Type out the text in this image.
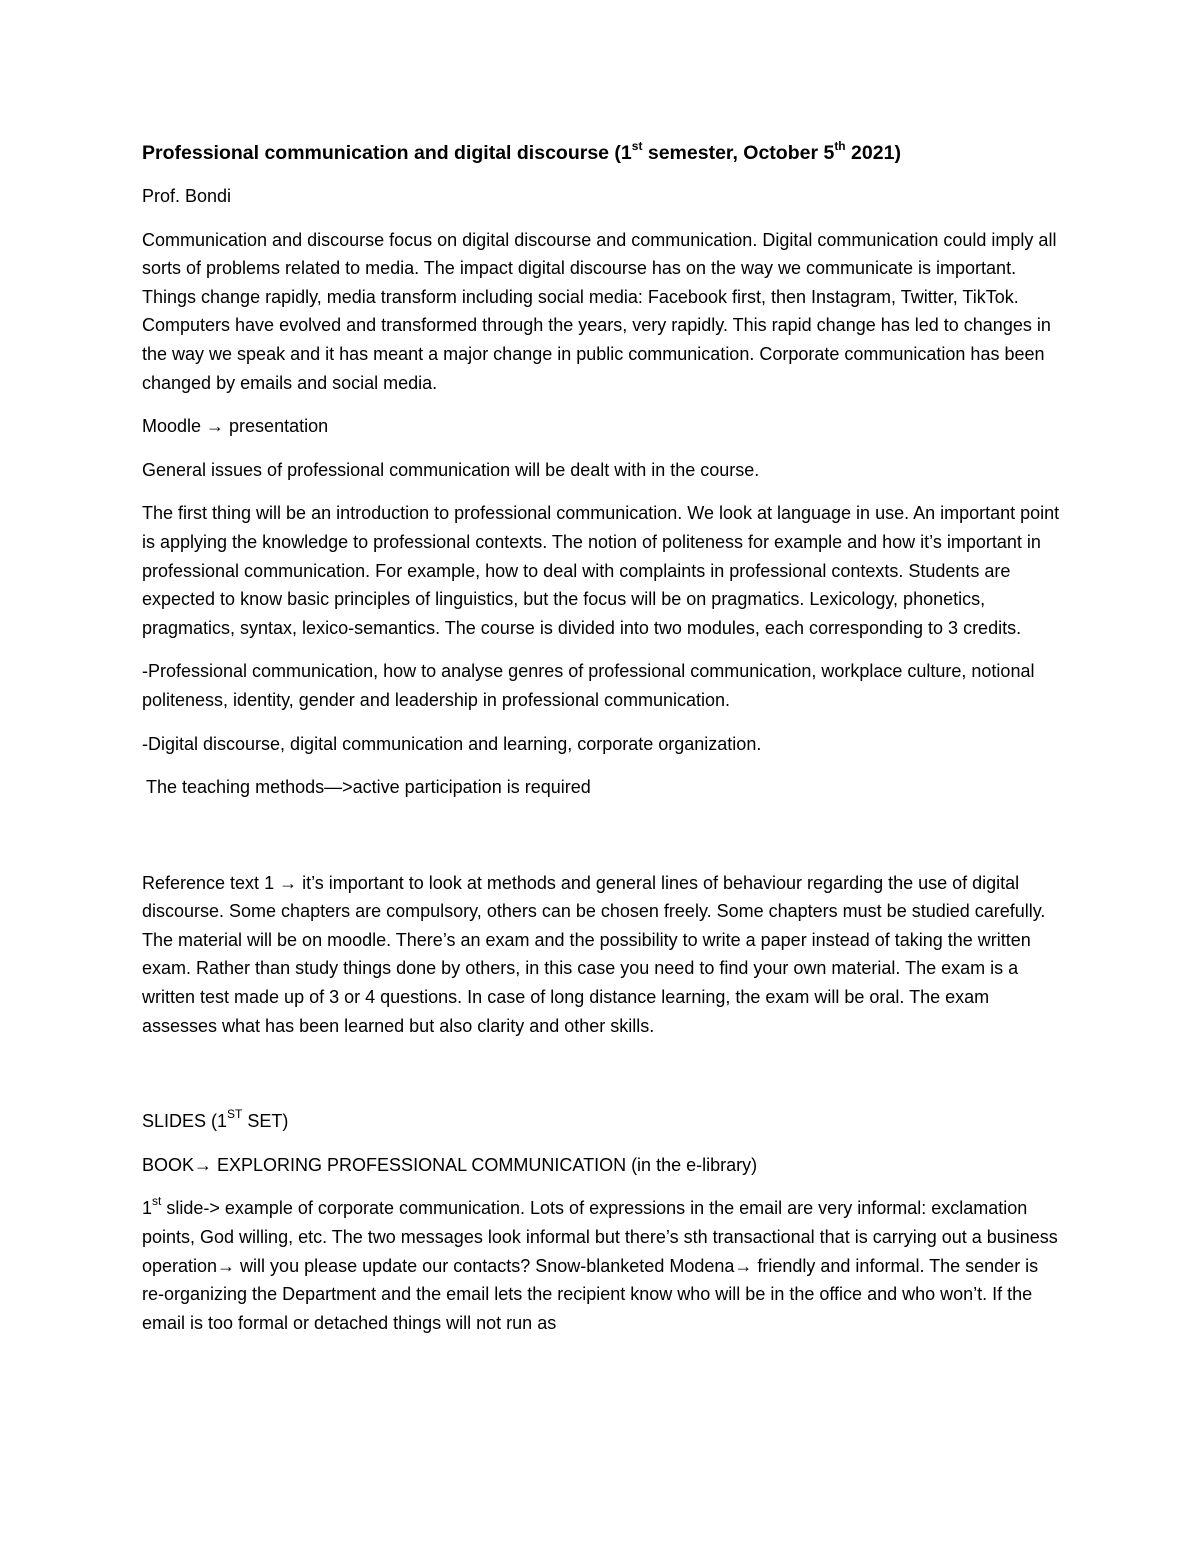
Professional communication and digital discourse (1st semester, October 5th 2021)
Prof. Bondi
Communication and discourse focus on digital discourse and communication. Digital communication could imply all sorts of problems related to media. The impact digital discourse has on the way we communicate is important. Things change rapidly, media transform including social media: Facebook first, then Instagram, Twitter, TikTok. Computers have evolved and transformed through the years, very rapidly. This rapid change has led to changes in the way we speak and it has meant a major change in public communication. Corporate communication has been changed by emails and social media.
Moodle → presentation
General issues of professional communication will be dealt with in the course.
The first thing will be an introduction to professional communication. We look at language in use. An important point is applying the knowledge to professional contexts. The notion of politeness for example and how it’s important in professional communication. For example, how to deal with complaints in professional contexts. Students are expected to know basic principles of linguistics, but the focus will be on pragmatics. Lexicology, phonetics, pragmatics, syntax, lexico-semantics. The course is divided into two modules, each corresponding to 3 credits.
-Professional communication, how to analyse genres of professional communication, workplace culture, notional politeness, identity, gender and leadership in professional communication.
-Digital discourse, digital communication and learning, corporate organization.
The teaching methods—>active participation is required
Reference text 1 → it’s important to look at methods and general lines of behaviour regarding the use of digital discourse. Some chapters are compulsory, others can be chosen freely. Some chapters must be studied carefully. The material will be on moodle. There’s an exam and the possibility to write a paper instead of taking the written exam. Rather than study things done by others, in this case you need to find your own material. The exam is a written test made up of 3 or 4 questions. In case of long distance learning, the exam will be oral. The exam assesses what has been learned but also clarity and other skills.
SLIDES (1ST SET)
BOOK→ EXPLORING PROFESSIONAL COMMUNICATION (in the e-library)
1st slide-> example of corporate communication. Lots of expressions in the email are very informal: exclamation points, God willing, etc. The two messages look informal but there’s sth transactional that is carrying out a business operation→ will you please update our contacts? Snow-blanketed Modena→ friendly and informal. The sender is re-organizing the Department and the email lets the recipient know who will be in the office and who won’t. If the email is too formal or detached things will not run as
